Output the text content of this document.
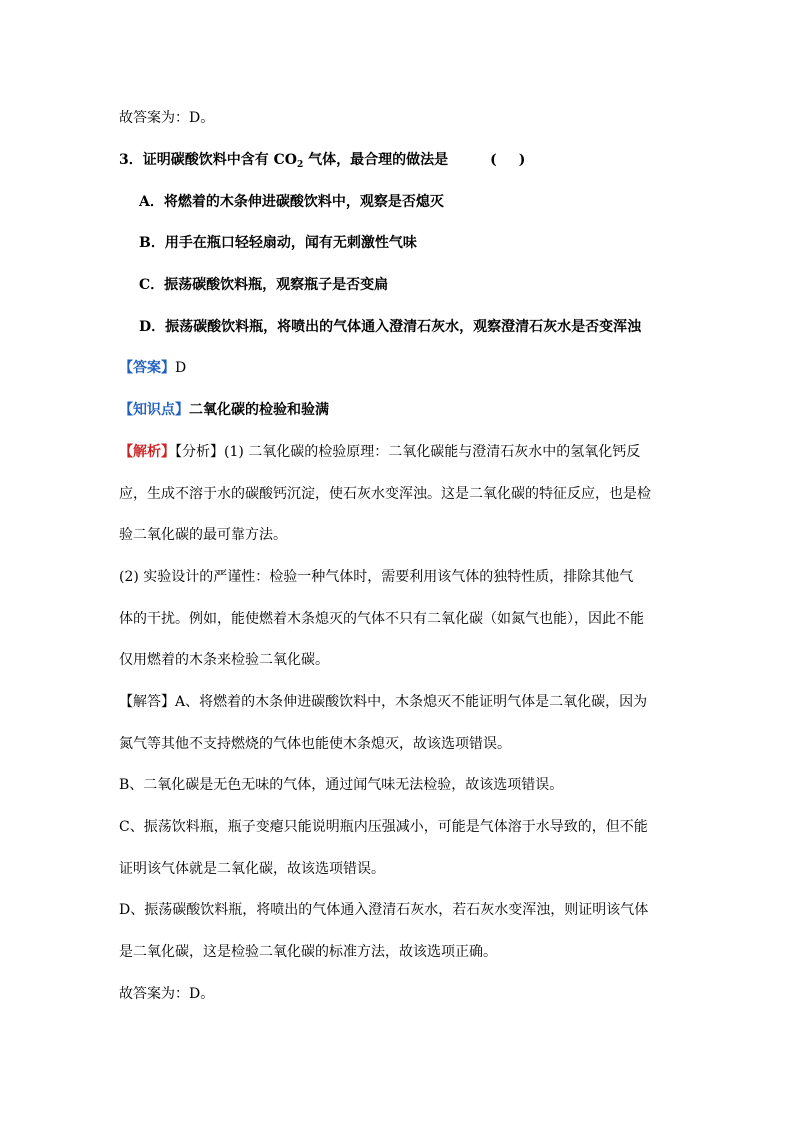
故答案为：D。
3．证明碳酸饮料中含有 $CO_2$ 气体，最合理的做法是	( )
A．将燃着的木条伸进碳酸饮料中，观察是否熄灭
B．用手在瓶口轻轻扇动，闻有无刺激性气味
C．振荡碳酸饮料瓶，观察瓶子是否变扁
D．振荡碳酸饮料瓶，将喷出的气体通入澄清石灰水，观察澄清石灰水是否变浑浊
【答案】D
【知识点】二氧化碳的检验和验满
【解析】【分析】(1) 二氧化碳的检验原理：二氧化碳能与澄清石灰水中的氢氧化钙反
应，生成不溶于水的碳酸钙沉淀，使石灰水变浑浊。这是二氧化碳的特征反应，也是检
验二氧化碳的最可靠方法。
(2) 实验设计的严谨性：检验一种气体时，需要利用该气体的独特性质，排除其他气
体的干扰。例如，能使燃着木条熄灭的气体不只有二氧化碳（如氮气也能），因此不能
仅用燃着的木条来检验二氧化碳。
【解答】A、将燃着的木条伸进碳酸饮料中，木条熄灭不能证明气体是二氧化碳，因为
氮气等其他不支持燃烧的气体也能使木条熄灭，故该选项错误。
B、二氧化碳是无色无味的气体，通过闻气味无法检验，故该选项错误。
C、振荡饮料瓶，瓶子变瘪只能说明瓶内压强减小，可能是气体溶于水导致的，但不能
证明该气体就是二氧化碳，故该选项错误。
D、振荡碳酸饮料瓶，将喷出的气体通入澄清石灰水，若石灰水变浑浊，则证明该气体
是二氧化碳，这是检验二氧化碳的标准方法，故该选项正确。
故答案为：D。
